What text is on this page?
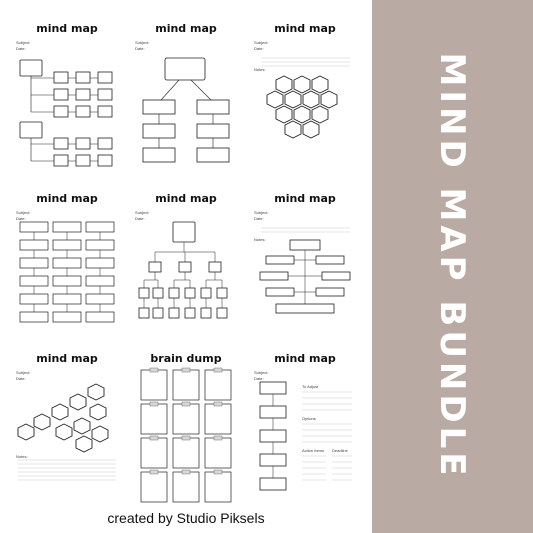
MIND MAP BUNDLE
mind map
Subject:
Date:
mind map
Subject:
Date:
mind map
Subject:
Date:
Notes:
mind map
Subject:
Date:
mind map
Subject:
Date:
mind map
Subject:
Date:
Notes:
mind map
Subject:
Date:
Notes:
brain dump	mind map
Subject:
Date:
To Adjust
Options
Action Items Deadline
created by Studio Piksels
